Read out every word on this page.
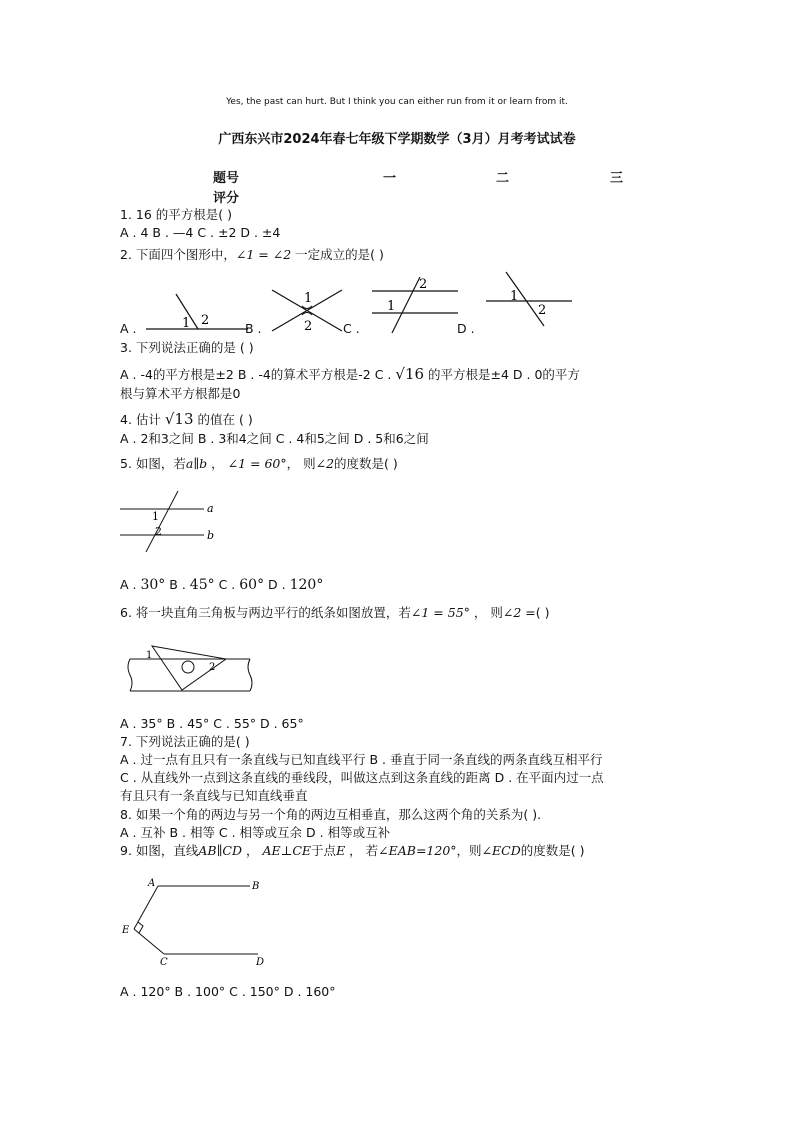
Yes, the past can hurt. But I think you can either run from it or learn from it.
广西东兴市2024年春七年级下学期数学（3月）月考考试试卷
题号	一	二	三
评分
1. 16 的平方根是( )
A . 4 B . —4 C . ±2 D . ±4
2. 下面四个图形中，∠1 = ∠2 一定成立的是( )
A .	B .	C .	D .
1 2
1
2
2
1
1
2
3. 下列说法正确的是 ( )
A . -4的平方根是±2 B . -4的算术平方根是-2 C . √16 的平方根是±4 D . 0的平方
根与算术平方根都是0
4. 估计 √13 的值在 ( )
A . 2和3之间 B . 3和4之间 C . 4和5之间 D . 5和6之间
5. 如图，若a∥b ， ∠1 = 60°， 则∠2的度数是( )
1
2
a
b
A . 30° B . 45° C . 60° D . 120°
6. 将一块直角三角板与两边平行的纸条如图放置，若∠1 = 55° ， 则∠2 =( )
1
2
A . 35° B . 45° C . 55° D . 65°
7. 下列说法正确的是( )
A . 过一点有且只有一条直线与已知直线平行 B . 垂直于同一条直线的两条直线互相平行
C . 从直线外一点到这条直线的垂线段，叫做这点到这条直线的距离 D . 在平面内过一点
有且只有一条直线与已知直线垂直
8. 如果一个角的两边与另一个角的两边互相垂直，那么这两个角的关系为( ).
A . 互补 B . 相等 C . 相等或互余 D . 相等或互补
9. 如图，直线AB∥CD ， AE⊥CE于点E ， 若∠EAB=120°，则∠ECD的度数是( )
A	B
E
C	D
A . 120° B . 100° C . 150° D . 160°
